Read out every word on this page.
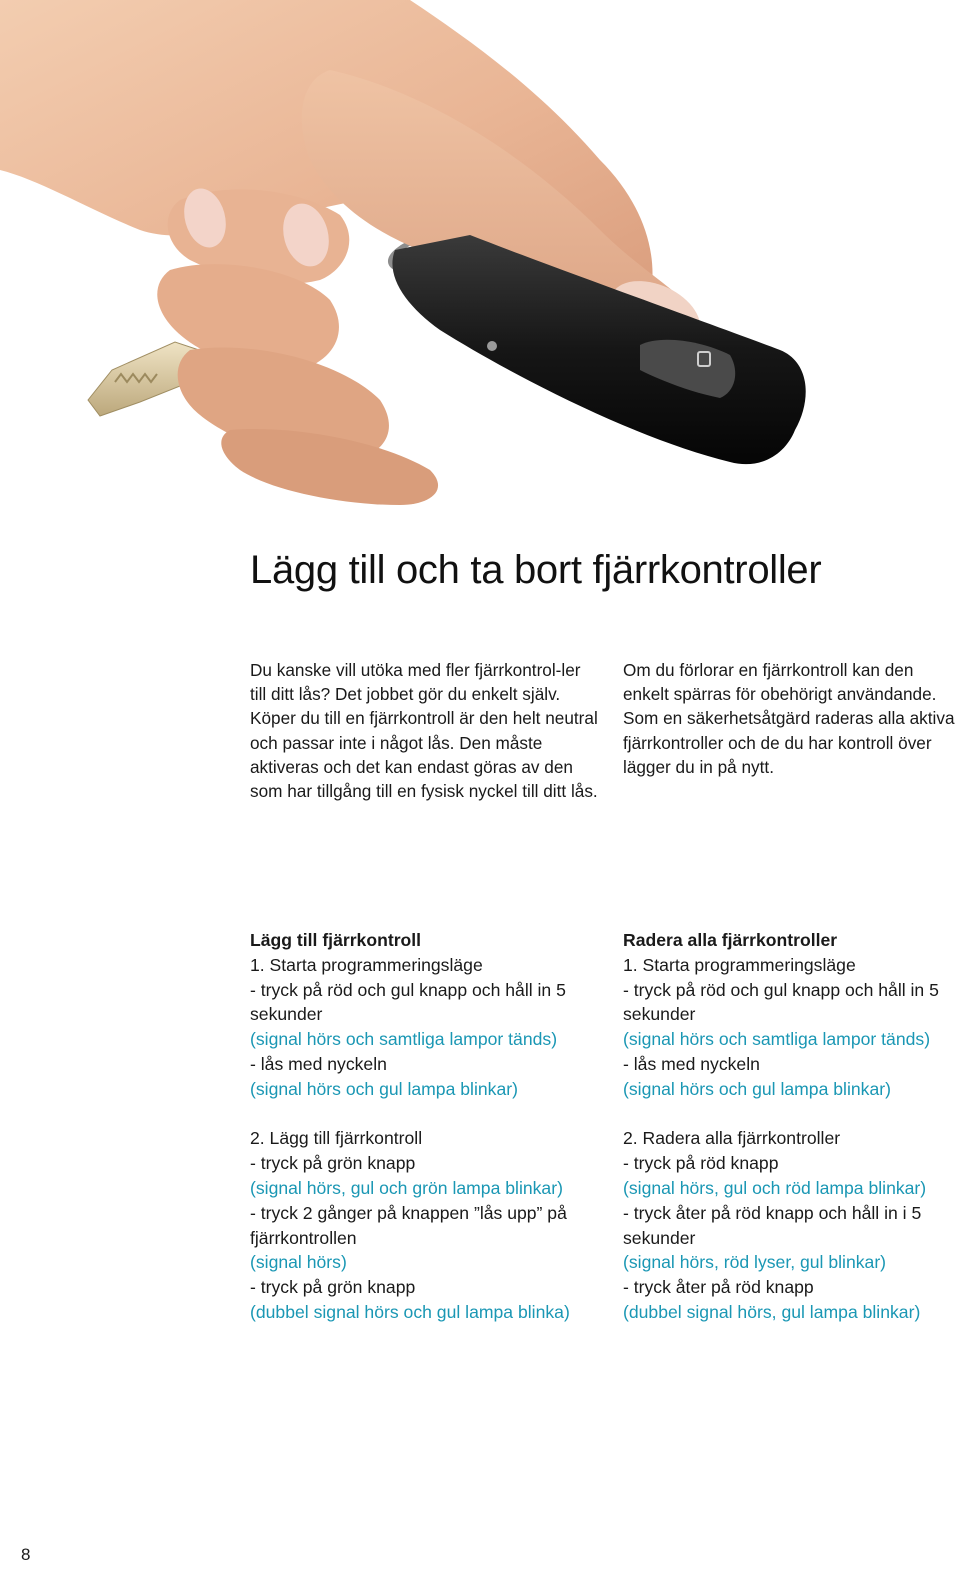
Lägg till och ta bort fjärrkontroller

Du kanske vill utöka med fler fjärrkontrol-ler till ditt lås? Det jobbet gör du enkelt själv. Köper du till en fjärrkontroll är den helt neutral och passar inte i något lås. Den måste aktiveras och det kan endast göras av den som har tillgång till en fysisk nyckel till ditt lås.

Om du förlorar en fjärrkontroll kan den enkelt spärras för obehörigt användande. Som en säkerhetsåtgärd raderas alla aktiva fjärrkontroller och de du har kontroll över lägger du in på nytt.

Lägg till fjärrkontroll
1. Starta programmeringsläge
- tryck på röd och gul knapp och håll in 5 sekunder
(signal hörs och samtliga lampor tänds)
- lås med nyckeln
(signal hörs och gul lampa blinkar)
2. Lägg till fjärrkontroll
- tryck på grön knapp
(signal hörs, gul och grön lampa blinkar)
- tryck 2 gånger på knappen ”lås upp” på fjärrkontrollen
(signal hörs)
- tryck på grön knapp
(dubbel signal hörs och gul lampa blinka)
Radera alla fjärrkontroller
1. Starta programmeringsläge
- tryck på röd och gul knapp och håll in 5 sekunder
(signal hörs och samtliga lampor tänds)
- lås med nyckeln
(signal hörs och gul lampa blinkar)
2. Radera alla fjärrkontroller
- tryck på röd knapp
(signal hörs, gul och röd lampa blinkar)
- tryck åter på röd knapp och håll in i 5 sekunder
(signal hörs, röd lyser, gul blinkar)
- tryck åter på röd knapp
(dubbel signal hörs, gul lampa blinkar)
8
